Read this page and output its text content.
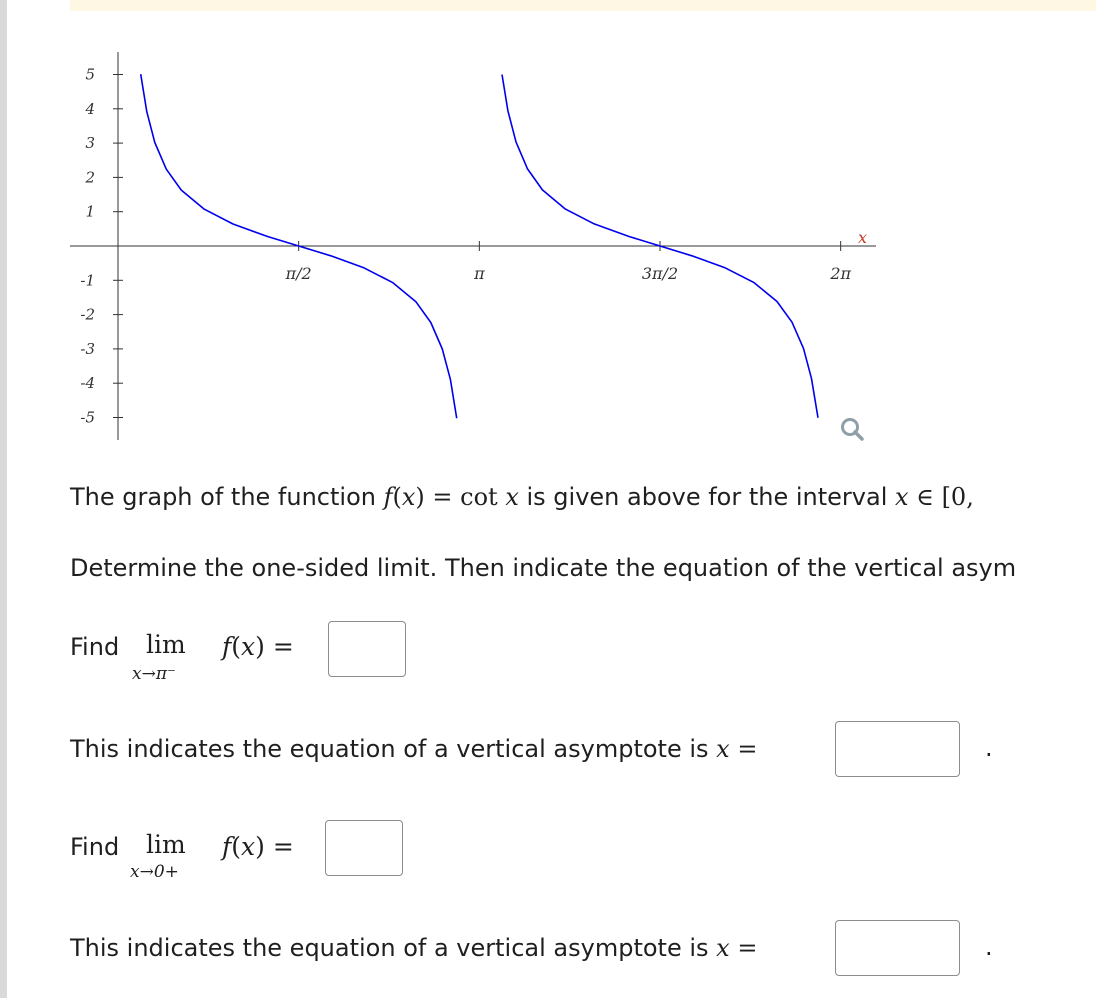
5
4
3
2
1
-1
-2
-3
-4
-5
π/2	π	3π/2	2π
x
The graph of the function f(x) = cot x is given above for the interval x ∈ [0,
Determine the one-sided limit. Then indicate the equation of the vertical asym
Find lim
x→π⁻
f(x) =
This indicates the equation of a vertical asymptote is x =	.
Find lim
x→0+
f(x) =
This indicates the equation of a vertical asymptote is x =	.
